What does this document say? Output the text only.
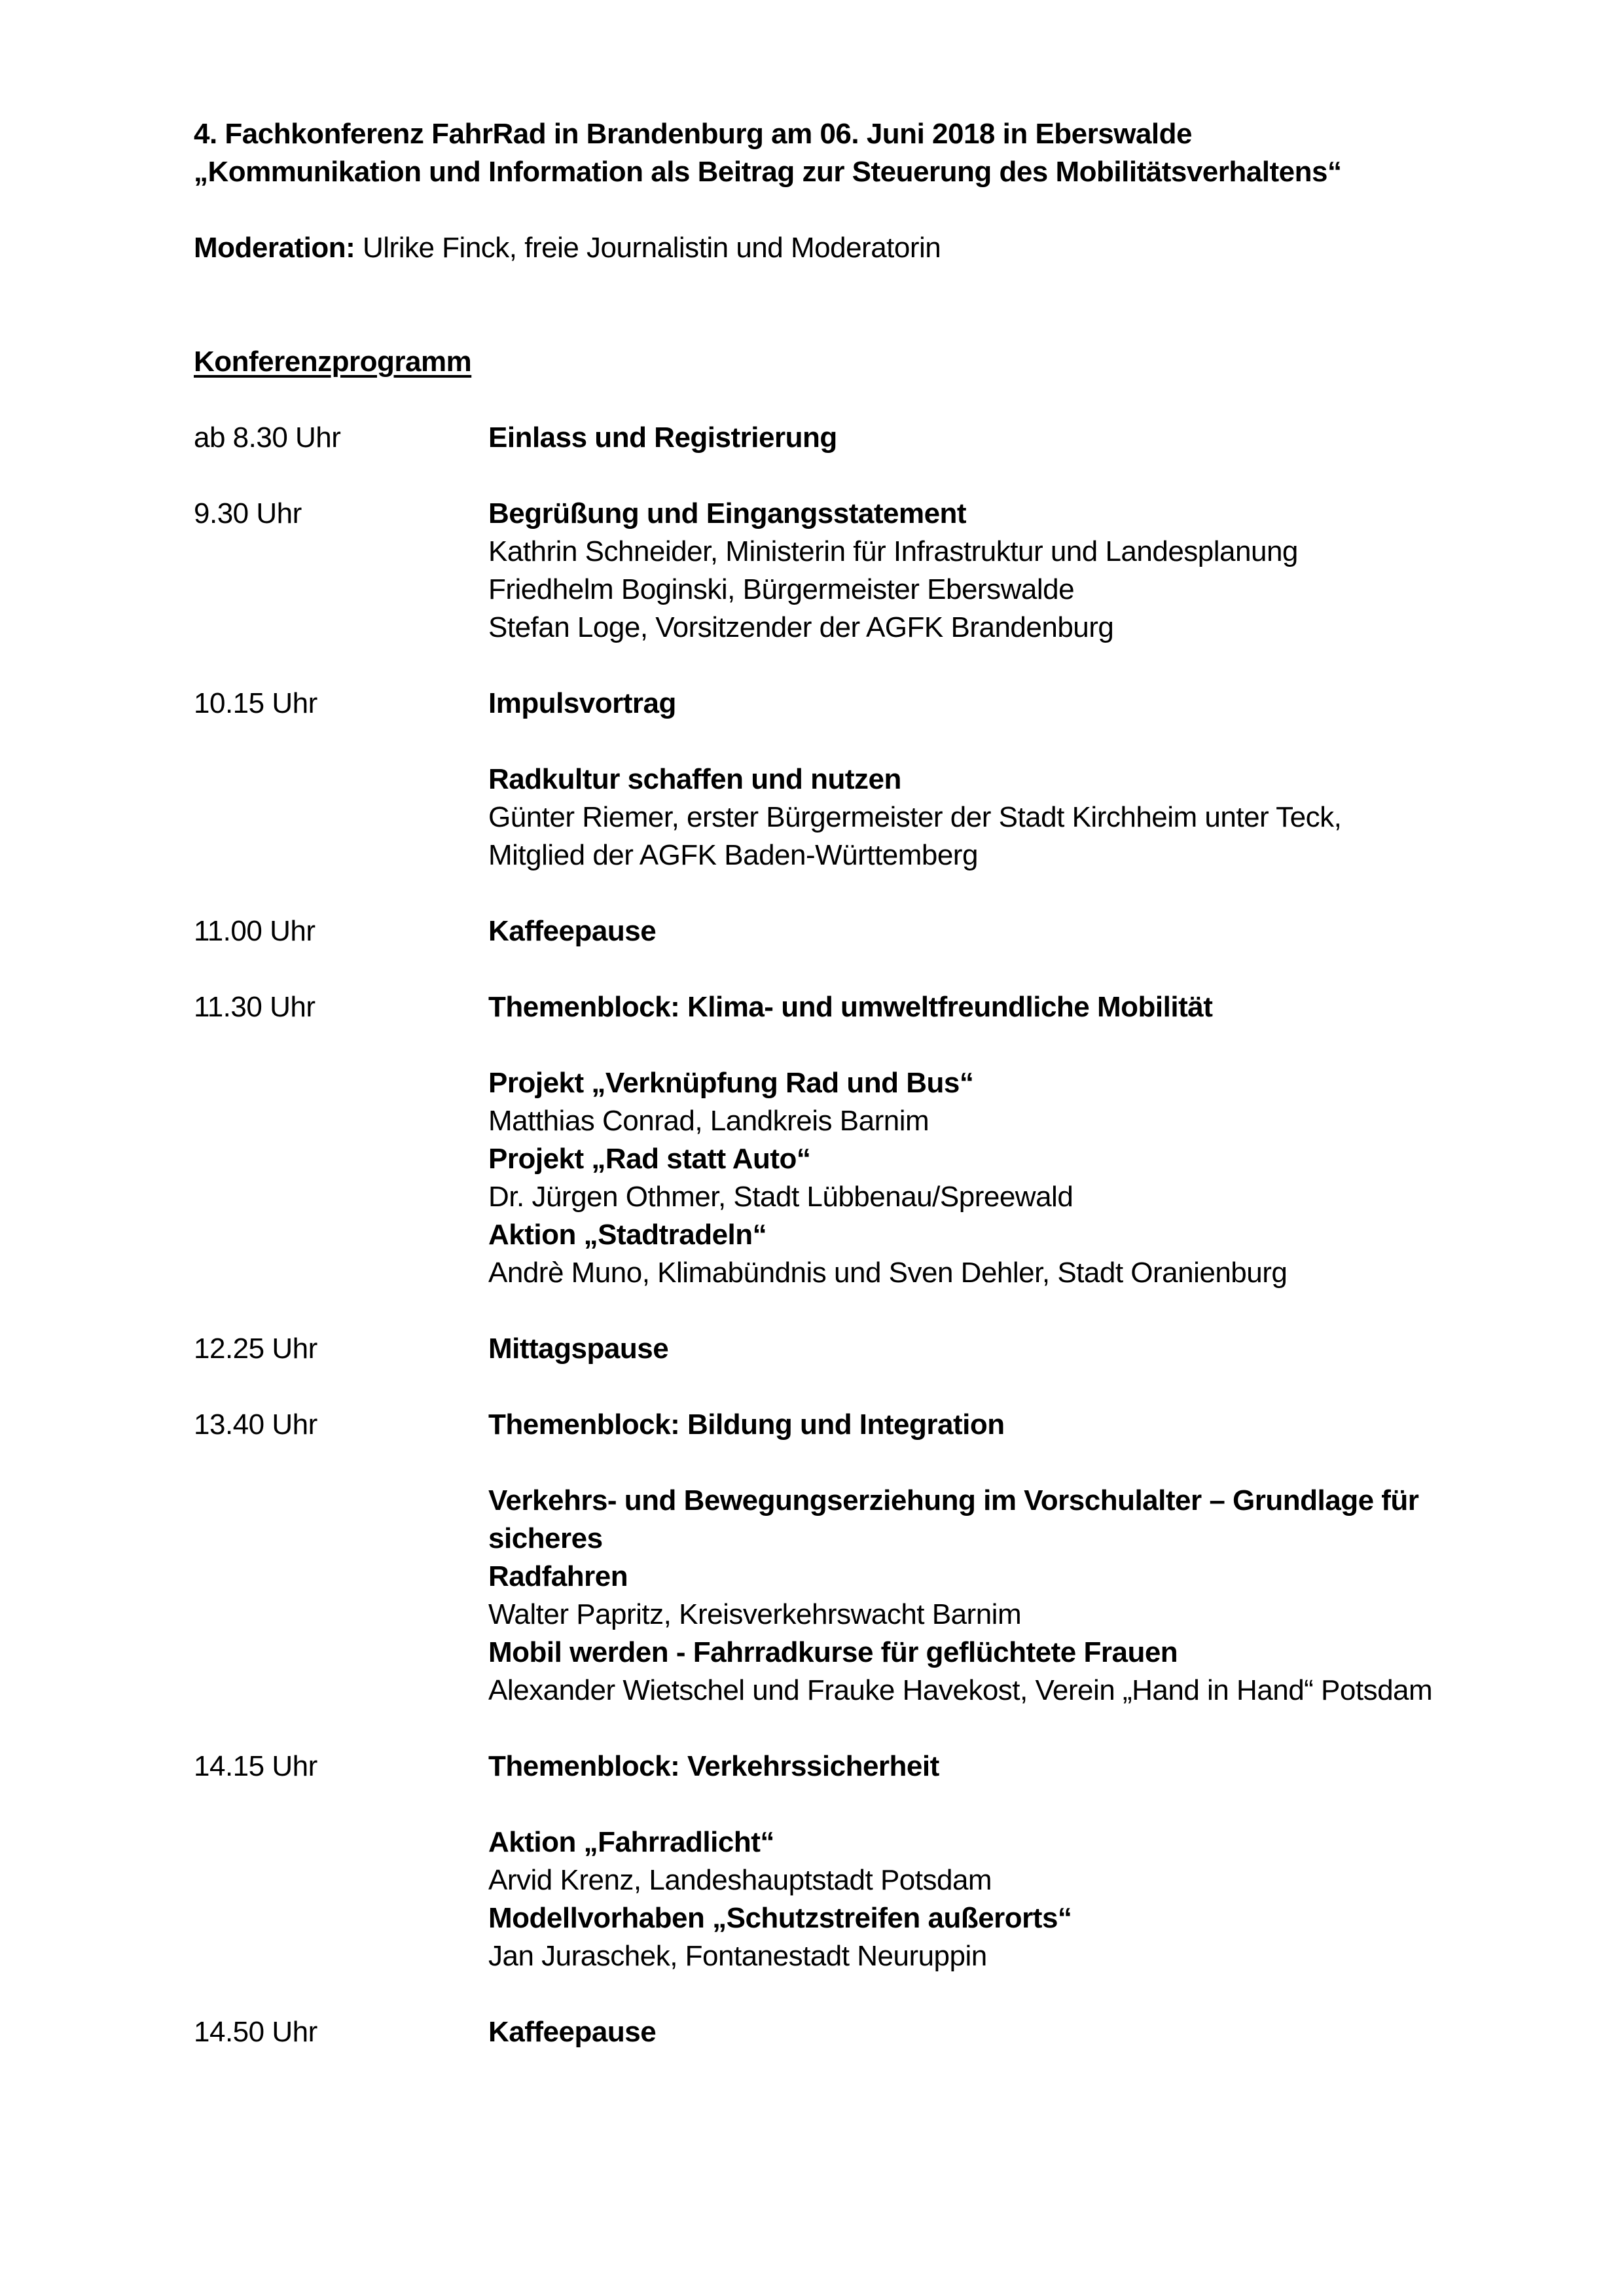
4. Fachkonferenz FahrRad in Brandenburg am 06. Juni 2018 in Eberswalde
„Kommunikation und Information als Beitrag zur Steuerung des Mobilitätsverhaltens“
Moderation: Ulrike Finck, freie Journalistin und Moderatorin
Konferenzprogramm
ab 8.30 Uhr	Einlass und Registrierung
9.30 Uhr	Begrüßung und Eingangsstatement
Kathrin Schneider, Ministerin für Infrastruktur und Landesplanung
Friedhelm Boginski, Bürgermeister Eberswalde
Stefan Loge, Vorsitzender der AGFK Brandenburg
10.15 Uhr	Impulsvortrag
Radkultur schaffen und nutzen
Günter Riemer, erster Bürgermeister der Stadt Kirchheim unter Teck,
Mitglied der AGFK Baden-Württemberg
11.00 Uhr	Kaffeepause
11.30 Uhr	Themenblock: Klima- und umweltfreundliche Mobilität
Projekt „Verknüpfung Rad und Bus“
Matthias Conrad, Landkreis Barnim
Projekt „Rad statt Auto“
Dr. Jürgen Othmer, Stadt Lübbenau/Spreewald
Aktion „Stadtradeln“
Andrè Muno, Klimabündnis und Sven Dehler, Stadt Oranienburg
12.25 Uhr	Mittagspause
13.40 Uhr	Themenblock: Bildung und Integration
Verkehrs- und Bewegungserziehung im Vorschulalter – Grundlage für sicheres
Radfahren
Walter Papritz, Kreisverkehrswacht Barnim
Mobil werden - Fahrradkurse für geflüchtete Frauen
Alexander Wietschel und Frauke Havekost, Verein „Hand in Hand“ Potsdam
14.15 Uhr	Themenblock: Verkehrssicherheit
Aktion „Fahrradlicht“
Arvid Krenz, Landeshauptstadt Potsdam
Modellvorhaben „Schutzstreifen außerorts“
Jan Juraschek, Fontanestadt Neuruppin
14.50 Uhr	Kaffeepause
